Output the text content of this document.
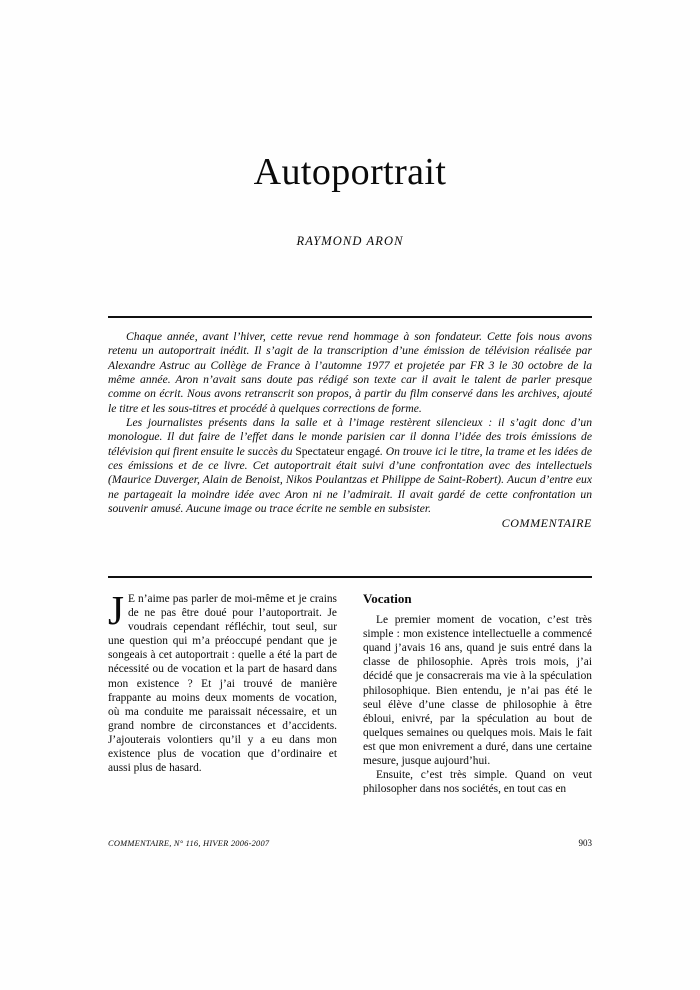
Autoportrait
RAYMOND ARON

Chaque année, avant l’hiver, cette revue rend hommage à son fondateur. Cette fois nous avons retenu un autoportrait inédit. Il s’agit de la transcription d’une émission de télévision réalisée par Alexandre Astruc au Collège de France à l’automne 1977 et projetée par FR 3 le 30 octobre de la même année. Aron n’avait sans doute pas rédigé son texte car il avait le talent de parler presque comme on écrit. Nous avons retranscrit son propos, à partir du film conservé dans les archives, ajouté le titre et les sous-titres et procédé à quelques corrections de forme.

Les journalistes présents dans la salle et à l’image restèrent silencieux : il s’agit donc d’un monologue. Il dut faire de l’effet dans le monde parisien car il donna l’idée des trois émissions de télévision qui firent ensuite le succès du Spectateur engagé. On trouve ici le titre, la trame et les idées de ces émissions et de ce livre. Cet autoportrait était suivi d’une confrontation avec des intellectuels (Maurice Duverger, Alain de Benoist, Nikos Poulantzas et Philippe de Saint-Robert). Aucun d’entre eux ne partageait la moindre idée avec Aron ni ne l’admirait. Il avait gardé de cette confrontation un souvenir amusé. Aucune image ou trace écrite ne semble en subsister.

COMMENTAIRE

J E n’aime pas parler de moi-même et je crains de ne pas être doué pour l’autoportrait. Je voudrais cependant réfléchir, tout seul, sur une question qui m’a préoccupé pendant que je songeais à cet autoportrait : quelle a été la part de nécessité ou de vocation et la part de hasard dans mon existence ? Et j’ai trouvé de manière frappante au moins deux moments de vocation, où ma conduite me paraissait nécessaire, et un grand nombre de circonstances et d’accidents. J’ajouterais volontiers qu’il y a eu dans mon existence plus de vocation que d’ordinaire et aussi plus de hasard.

Vocation

Le premier moment de vocation, c’est très simple : mon existence intellectuelle a commencé quand j’avais 16 ans, quand je suis entré dans la classe de philosophie. Après trois mois, j’ai décidé que je consacrerais ma vie à la spéculation philosophique. Bien entendu, je n’ai pas été le seul élève d’une classe de philosophie à être ébloui, enivré, par la spéculation au bout de quelques semaines ou quelques mois. Mais le fait est que mon enivrement a duré, dans une certaine mesure, jusque aujourd’hui.

Ensuite, c’est très simple. Quand on veut philosopher dans nos sociétés, en tout cas en

COMMENTAIRE, N° 116, HIVER 2006-2007	903
